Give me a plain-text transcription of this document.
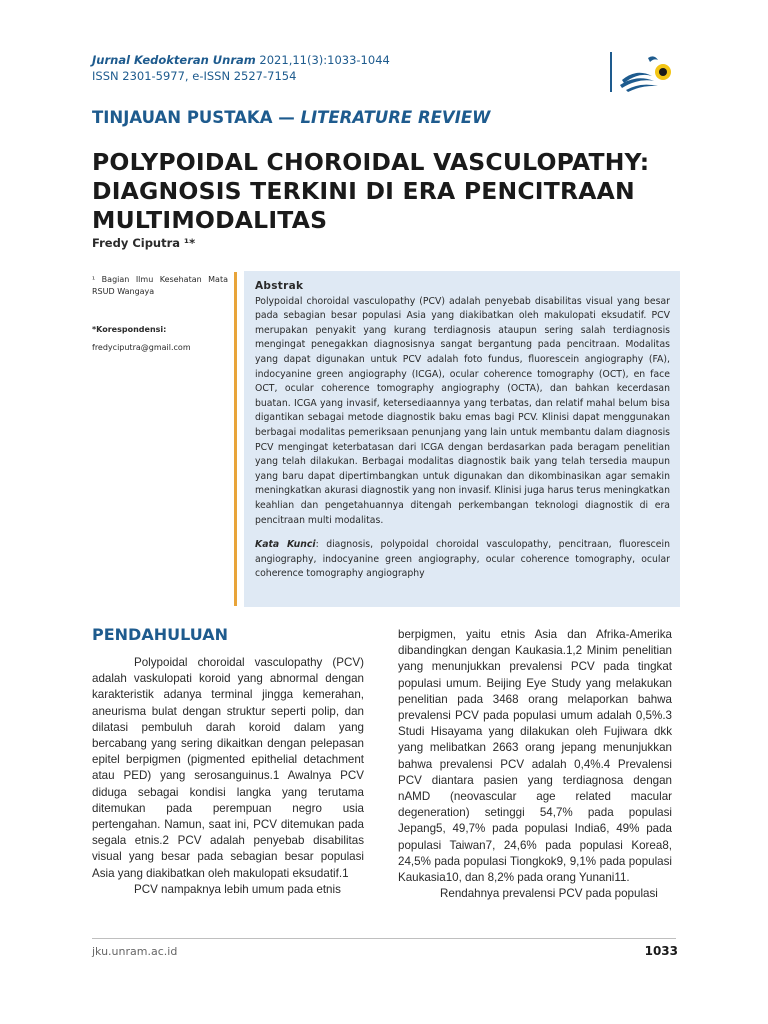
Jurnal Kedokteran Unram 2021,11(3):1033-1044
ISSN 2301-5977, e-ISSN 2527-7154
TINJAUAN PUSTAKA — LITERATURE REVIEW
POLYPOIDAL CHOROIDAL VASCULOPATHY: DIAGNOSIS TERKINI DI ERA PENCITRAAN MULTIMODALITAS
Fredy Ciputra ¹*
¹ Bagian Ilmu Kesehatan Mata RSUD Wangaya
*Korespondensi:
fredyciputra@gmail.com
Abstrak
Polypoidal choroidal vasculopathy (PCV) adalah penyebab disabilitas visual yang besar pada sebagian besar populasi Asia yang diakibatkan oleh makulopati eksudatif. PCV merupakan penyakit yang kurang terdiagnosis ataupun sering salah terdiagnosis mengingat penegakkan diagnosisnya sangat bergantung pada pencitraan. Modalitas yang dapat digunakan untuk PCV adalah foto fundus, fluorescein angiography (FA), indocyanine green angiography (ICGA), ocular coherence tomography (OCT), en face OCT, ocular coherence tomography angiography (OCTA), dan bahkan kecerdasan buatan. ICGA yang invasif, ketersediaannya yang terbatas, dan relatif mahal belum bisa digantikan sebagai metode diagnostik baku emas bagi PCV. Klinisi dapat menggunakan berbagai modalitas pemeriksaan penunjang yang lain untuk membantu dalam diagnosis PCV mengingat keterbatasan dari ICGA dengan berdasarkan pada beragam penelitian yang telah dilakukan. Berbagai modalitas diagnostik baik yang telah tersedia maupun yang baru dapat dipertimbangkan untuk digunakan dan dikombinasikan agar semakin meningkatkan akurasi diagnostik yang non invasif. Klinisi juga harus terus meningkatkan keahlian dan pengetahuannya ditengah perkembangan teknologi diagnostik di era pencitraan multi modalitas.
Kata Kunci: diagnosis, polypoidal choroidal vasculopathy, pencitraan, fluorescein angiography, indocyanine green angiography, ocular coherence tomography, ocular coherence tomography angiography
PENDAHULUAN

Polypoidal choroidal vasculopathy (PCV) adalah vaskulopati koroid yang abnormal dengan karakteristik adanya terminal jingga kemerahan, aneurisma bulat dengan struktur seperti polip, dan dilatasi pembuluh darah koroid dalam yang bercabang yang sering dikaitkan dengan pelepasan epitel berpigmen (pigmented epithelial detachment atau PED) yang serosanguinus.1 Awalnya PCV diduga sebagai kondisi langka yang terutama ditemukan pada perempuan negro usia pertengahan. Namun, saat ini, PCV ditemukan pada segala etnis.2 PCV adalah penyebab disabilitas visual yang besar pada sebagian besar populasi Asia yang diakibatkan oleh makulopati eksudatif.1

PCV nampaknya lebih umum pada etnis

berpigmen, yaitu etnis Asia dan Afrika-Amerika dibandingkan dengan Kaukasia.1,2 Minim penelitian yang menunjukkan prevalensi PCV pada tingkat populasi umum. Beijing Eye Study yang melakukan penelitian pada 3468 orang melaporkan bahwa prevalensi PCV pada populasi umum adalah 0,5%.3 Studi Hisayama yang dilakukan oleh Fujiwara dkk yang melibatkan 2663 orang jepang menunjukkan bahwa prevalensi PCV adalah 0,4%.4 Prevalensi PCV diantara pasien yang terdiagnosa dengan nAMD (neovascular age related macular degeneration) setinggi 54,7% pada populasi Jepang5, 49,7% pada populasi India6, 49% pada populasi Taiwan7, 24,6% pada populasi Korea8, 24,5% pada populasi Tiongkok9, 9,1% pada populasi Kaukasia10, dan 8,2% pada orang Yunani11.

Rendahnya prevalensi PCV pada populasi

jku.unram.ac.id	1033
